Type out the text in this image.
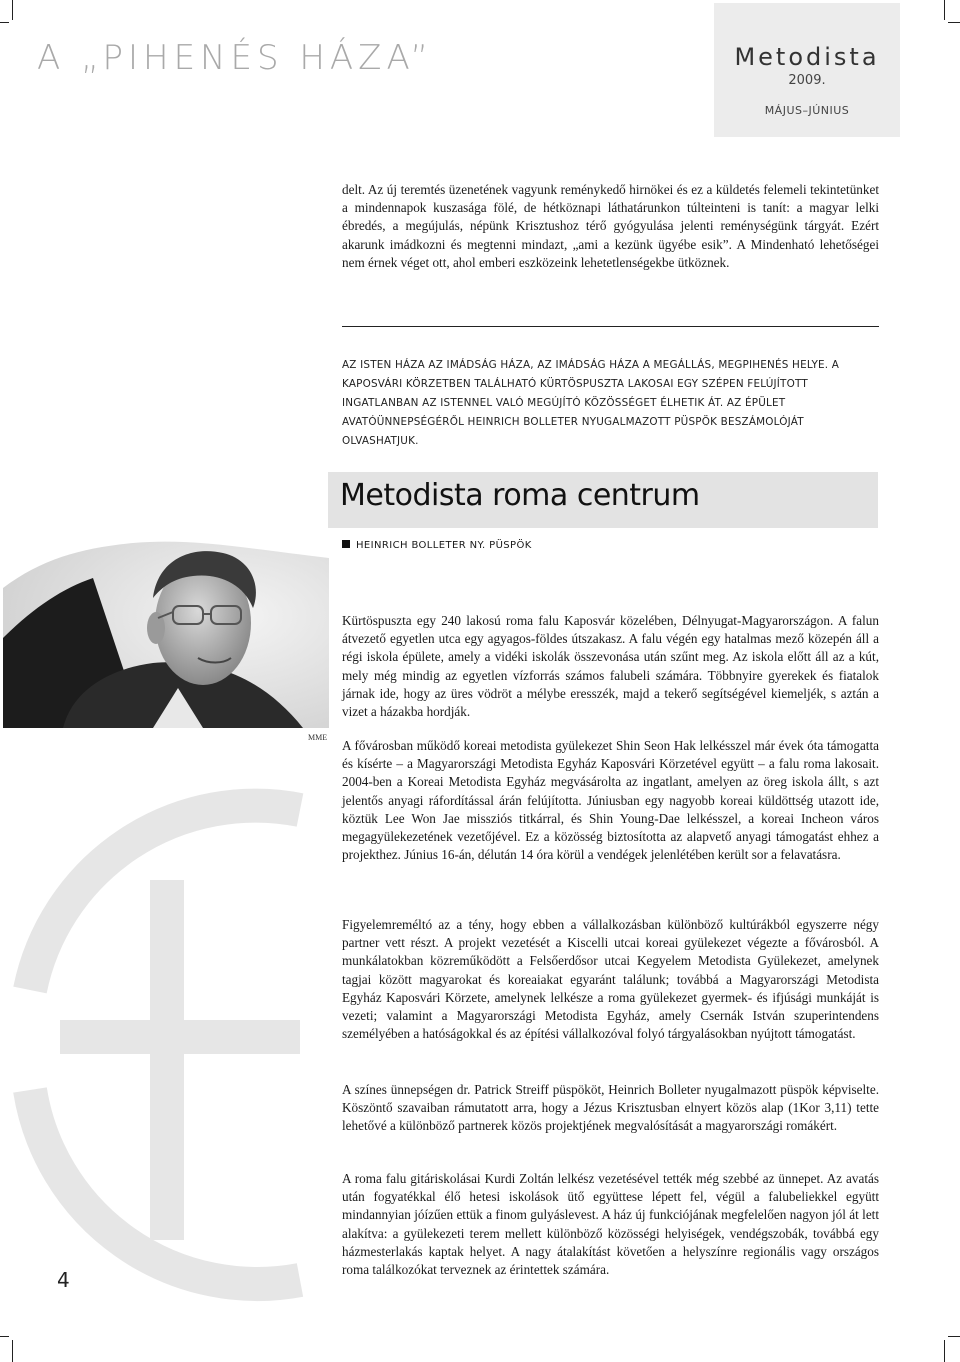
A „PIHENÉS HÁZA”	Metodista
2009.
MÁJUS–JÚNIUS
delt. Az új teremtés üzenetének vagyunk reménykedő hirnökei és ez a küldetés felemeli tekintetünket a mindennapok kuszasága fölé, de hétköznapi láthatárunkon túlteinteni is tanít: a magyar lelki ébredés, a megújulás, népünk Krisztushoz térő gyógyulása jelenti reménységünk tárgyát. Ezért akarunk imádkozni és megtenni mindazt, „ami a kezünk ügyébe esik”. A Mindenható lehetőségei nem érnek véget ott, ahol emberi eszközeink lehetetlenségekbe ütköznek.
AZ ISTEN HÁZA AZ IMÁDSÁG HÁZA, AZ IMÁDSÁG HÁZA A MEGÁLLÁS, MEGPIHENÉS HELYE. A KAPOSVÁRI KÖRZETBEN TALÁLHATÓ KÜRTÖSPUSZTA LAKOSAI EGY SZÉPEN FELÚJÍTOTT INGATLANBAN AZ ISTENNEL VALÓ MEGÚJÍTÓ KÖZÖSSÉGET ÉLHETIK ÁT. AZ ÉPÜLET AVATÓÜNNEPSÉGÉRŐL HEINRICH BOLLETER NYUGALMAZOTT PÜSPÖK BESZÁMOLÓJÁT OLVASHATJUK.
Metodista roma centrum
HEINRICH BOLLETER NY. PÜSPÖK
MME
Kürtöspuszta egy 240 lakosú roma falu Kaposvár közelében, Délnyugat-Magyarországon. A falun átvezető egyetlen utca egy agyagos-földes útszakasz. A falu végén egy hatalmas mező közepén áll a régi iskola épülete, amely a vidéki iskolák összevonása után szűnt meg. Az iskola előtt áll az a kút, mely még mindig az egyetlen vízforrás számos falubeli számára. Többnyire gyerekek és fiatalok járnak ide, hogy az üres vödröt a mélybe eresszék, majd a tekerő segítségével kiemeljék, s aztán a vizet a házakba hordják.
A fővárosban működő koreai metodista gyülekezet Shin Seon Hak lelkésszel már évek óta támogatta és kísérte – a Magyarországi Metodista Egyház Kaposvári Körzetével együtt – a falu roma lakosait. 2004-ben a Koreai Metodista Egyház megvásárolta az ingatlant, amelyen az öreg iskola állt, s azt jelentős anyagi ráfordítással árán felújította. Júniusban egy nagyobb koreai küldöttség utazott ide, köztük Lee Won Jae missziós titkárral, és Shin Young-Dae lelkésszel, a koreai Incheon város megagyülekezetének vezetőjével. Ez a közösség biztosította az alapvető anyagi támogatást ehhez a projekthez. Június 16-án, délután 14 óra körül a vendégek jelenlétében került sor a felavatásra.
Figyelemreméltó az a tény, hogy ebben a vállalkozásban különböző kultúrákból egyszerre négy partner vett részt. A projekt vezetését a Kiscelli utcai koreai gyülekezet végezte a fővárosból. A munkálatokban közreműködött a Felsőerdősor utcai Kegyelem Metodista Gyülekezet, amelynek tagjai között magyarokat és koreaiakat egyaránt találunk; továbbá a Magyarországi Metodista Egyház Kaposvári Körzete, amelynek lelkésze a roma gyülekezet gyermek- és ifjúsági munkáját is vezeti; valamint a Magyarországi Metodista Egyház, amely Csernák István szuperintendens személyében a hatóságokkal és az építési vállalkozóval folyó tárgyalásokban nyújtott támogatást.
A színes ünnepségen dr. Patrick Streiff püspököt, Heinrich Bolleter nyugalmazott püspök képviselte. Köszöntő szavaiban rámutatott arra, hogy a Jézus Krisztusban elnyert közös alap (1Kor 3,11) tette lehetővé a különböző partnerek közös projektjének megvalósítását a magyarországi romákért.
A roma falu gitáriskolásai Kurdi Zoltán lelkész vezetésével tették még szebbé az ünnepet. Az avatás után fogyatékkal élő hetesi iskolások ütő együttese lépett fel, végül a falubeliekkel együtt mindannyian jóízűen ettük a finom gulyáslevest. A ház új funkciójának megfelelően nagyon jól át lett alakítva: a gyülekezeti terem mellett különböző közösségi helyiségek, vendégszobák, továbbá egy házmesterlakás kaptak helyet. A nagy átalakítást követően a helyszínre regionális vagy országos roma találkozókat terveznek az érintettek számára.
4
